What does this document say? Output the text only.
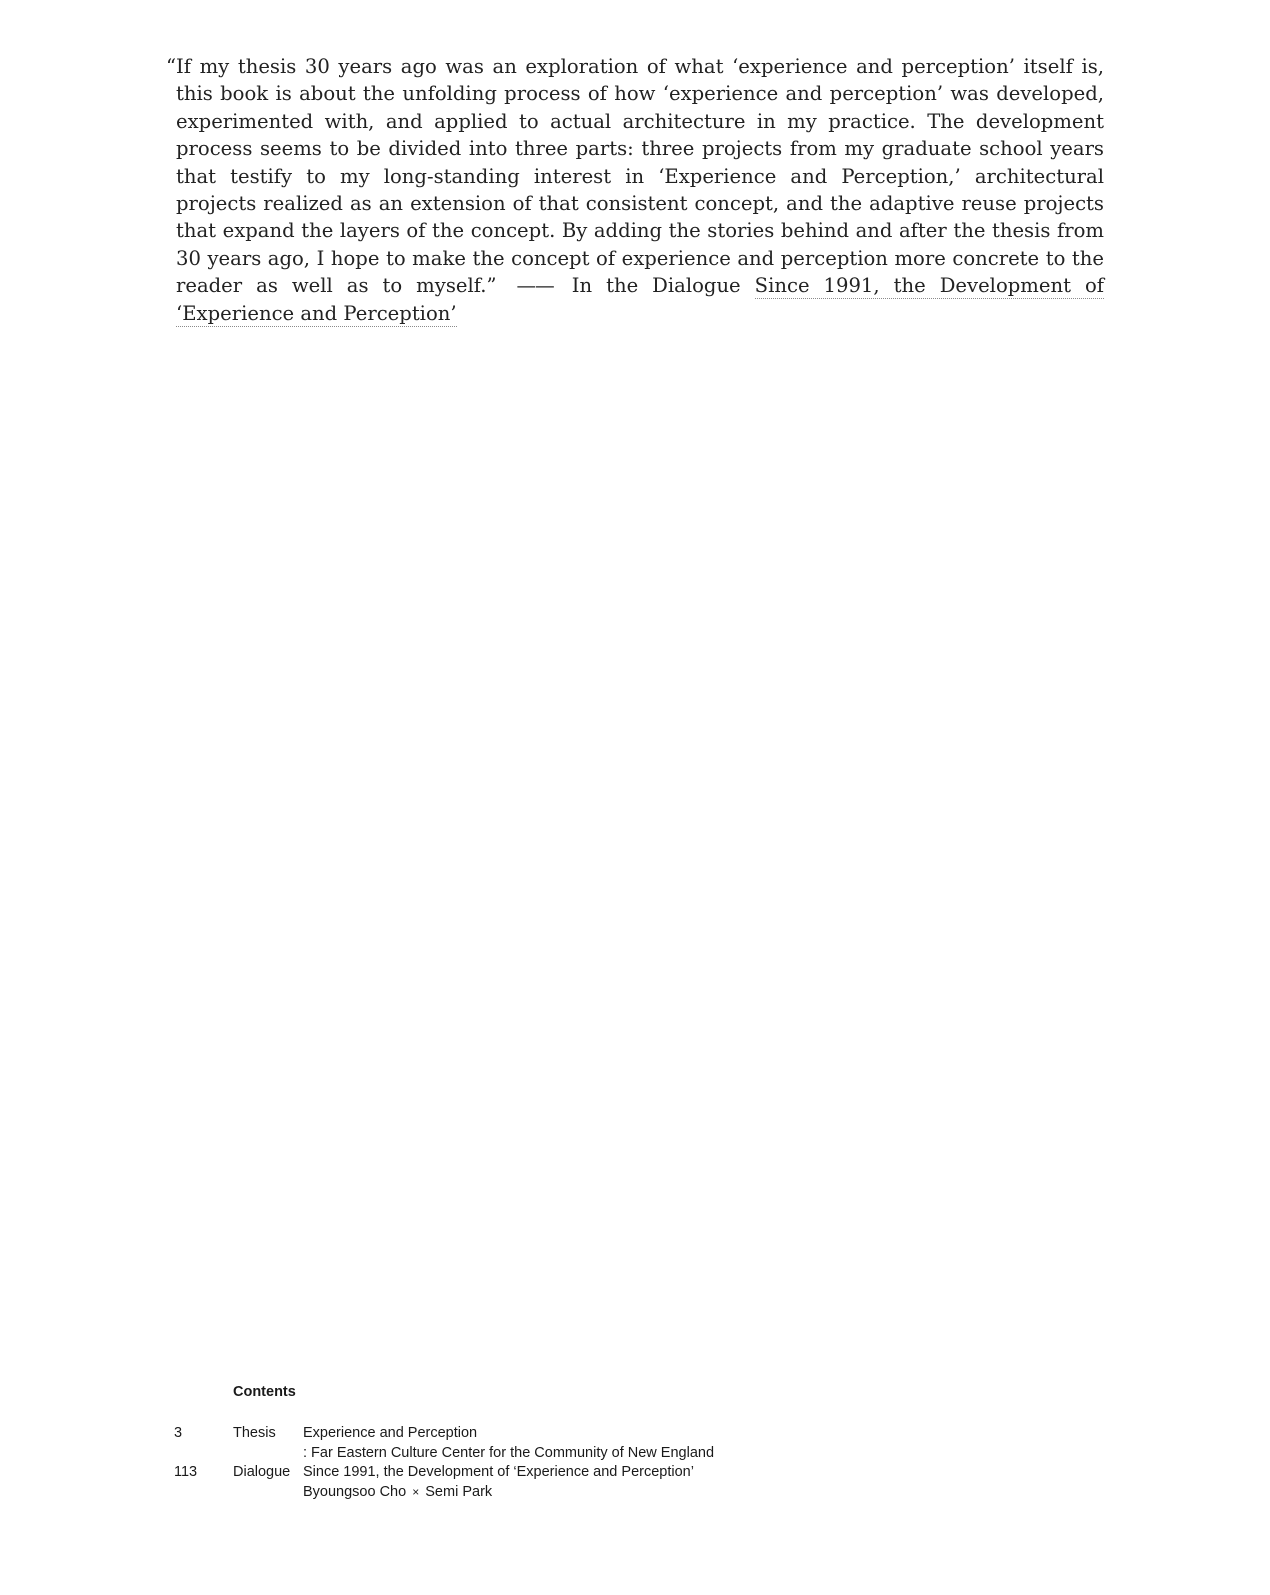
“ If my thesis 30 years ago was an exploration of what ‘experience and perception’ itself is, this book is about the unfolding process of how ‘experience and perception’ was developed, experimented with, and applied to actual architecture in my practice. The development process seems to be divided into three parts: three projects from my graduate school years that testify to my long-standing interest in ‘Experience and Perception,’ architectural projects realized as an extension of that consistent concept, and the adaptive reuse projects that expand the layers of the concept. By adding the stories behind and after the thesis from 30 years ago, I hope to make the concept of experience and perception more concrete to the reader as well as to myself.” —— In the Dialogue Since 1991, the Development of ‘Experience and Perception’

Contents
3	Thesis Experience and Perception
: Far Eastern Culture Center for the Community of New England
113 Dialogue Since 1991, the Development of ‘Experience and Perception’
Byoungsoo Cho × Semi Park
